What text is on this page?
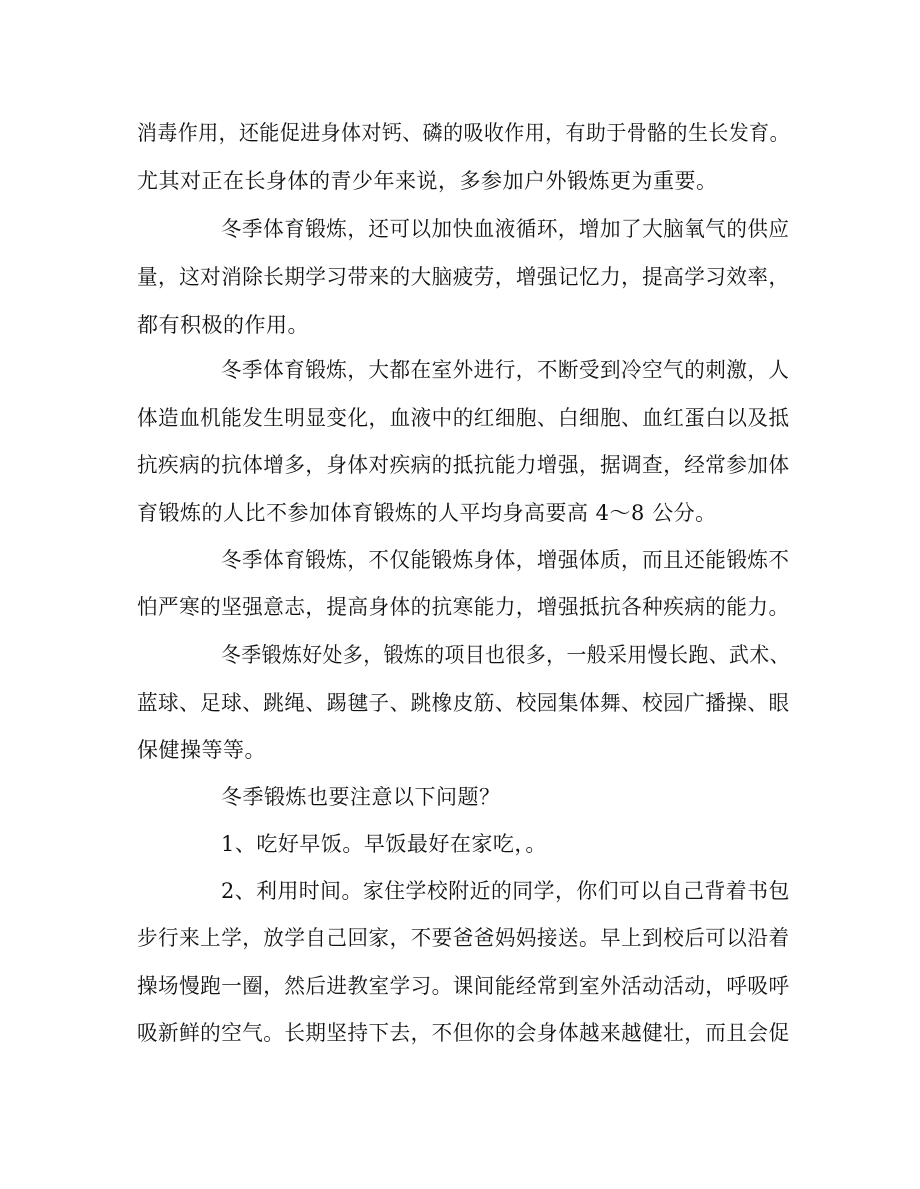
消毒作用，还能促进身体对钙、磷的吸收作用，有助于骨骼的生长发育。
尤其对正在长身体的青少年来说，多参加户外锻炼更为重要。
冬季体育锻炼，还可以加快血液循环，增加了大脑氧气的供应
量，这对消除长期学习带来的大脑疲劳，增强记忆力，提高学习效率，
都有积极的作用。
冬季体育锻炼，大都在室外进行，不断受到冷空气的刺激，人
体造血机能发生明显变化，血液中的红细胞、白细胞、血红蛋白以及抵
抗疾病的抗体增多，身体对疾病的抵抗能力增强，据调查，经常参加体
育锻炼的人比不参加体育锻炼的人平均身高要高 4～8 公分。
冬季体育锻炼，不仅能锻炼身体，增强体质，而且还能锻炼不
怕严寒的坚强意志，提高身体的抗寒能力，增强抵抗各种疾病的能力。
冬季锻炼好处多，锻炼的项目也很多，一般采用慢长跑、武术、
蓝球、足球、跳绳、踢毽子、跳橡皮筋、校园集体舞、校园广播操、眼
保健操等等。
冬季锻炼也要注意以下问题？
1、吃好早饭。早饭最好在家吃，。
2、利用时间。家住学校附近的同学，你们可以自己背着书包
步行来上学，放学自己回家，不要爸爸妈妈接送。早上到校后可以沿着
操场慢跑一圈，然后进教室学习。课间能经常到室外活动活动，呼吸呼
吸新鲜的空气。长期坚持下去，不但你的会身体越来越健壮，而且会促
